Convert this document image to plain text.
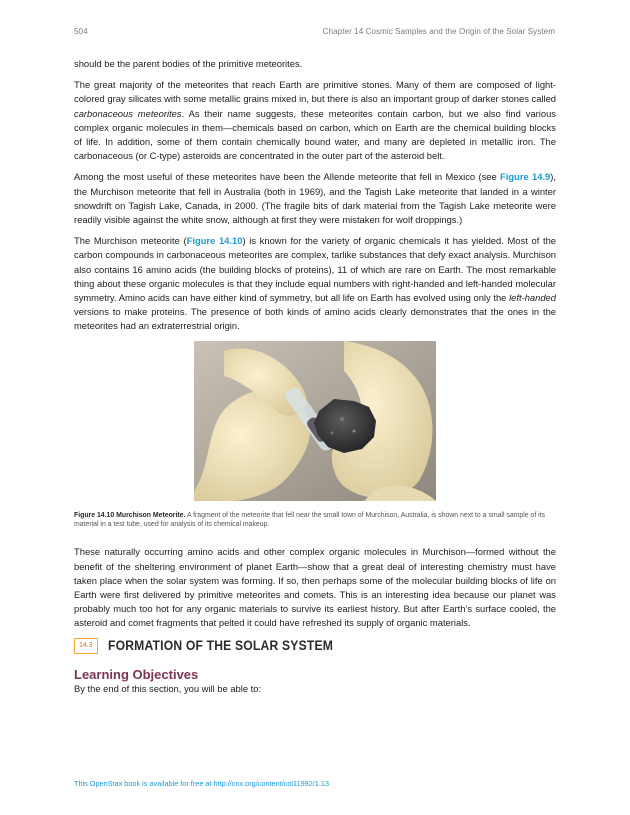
504	Chapter 14 Cosmic Samples and the Origin of the Solar System

should be the parent bodies of the primitive meteorites.

The great majority of the meteorites that reach Earth are primitive stones. Many of them are composed of light-colored gray silicates with some metallic grains mixed in, but there is also an important group of darker stones called carbonaceous meteorites. As their name suggests, these meteorites contain carbon, but we also find various complex organic molecules in them—chemicals based on carbon, which on Earth are the chemical building blocks of life. In addition, some of them contain chemically bound water, and many are depleted in metallic iron. The carbonaceous (or C-type) asteroids are concentrated in the outer part of the asteroid belt.

Among the most useful of these meteorites have been the Allende meteorite that fell in Mexico (see Figure 14.9), the Murchison meteorite that fell in Australia (both in 1969), and the Tagish Lake meteorite that landed in a winter snowdrift on Tagish Lake, Canada, in 2000. (The fragile bits of dark material from the Tagish Lake meteorite were readily visible against the white snow, although at first they were mistaken for wolf droppings.)

The Murchison meteorite (Figure 14.10) is known for the variety of organic chemicals it has yielded. Most of the carbon compounds in carbonaceous meteorites are complex, tarlike substances that defy exact analysis. Murchison also contains 16 amino acids (the building blocks of proteins), 11 of which are rare on Earth. The most remarkable thing about these organic molecules is that they include equal numbers with right-handed and left-handed molecular symmetry. Amino acids can have either kind of symmetry, but all life on Earth has evolved using only the left-handed versions to make proteins. The presence of both kinds of amino acids clearly demonstrates that the ones in the meteorites had an extraterrestrial origin.

Figure 14.10 Murchison Meteorite. A fragment of the meteorite that fell near the small town of Murchison, Australia, is shown next to a small sample of its material in a test tube, used for analysis of its chemical makeup.

These naturally occurring amino acids and other complex organic molecules in Murchison—formed without the benefit of the sheltering environment of planet Earth—show that a great deal of interesting chemistry must have taken place when the solar system was forming. If so, then perhaps some of the molecular building blocks of life on Earth were first delivered by primitive meteorites and comets. This is an interesting idea because our planet was probably much too hot for any organic materials to survive its earliest history. But after Earth’s surface cooled, the asteroid and comet fragments that pelted it could have refreshed its supply of organic materials.

14.3	FORMATION OF THE SOLAR SYSTEM
Learning Objectives

By the end of this section, you will be able to:

This OpenStax book is available for free at http://cnx.org/content/col11992/1.13
